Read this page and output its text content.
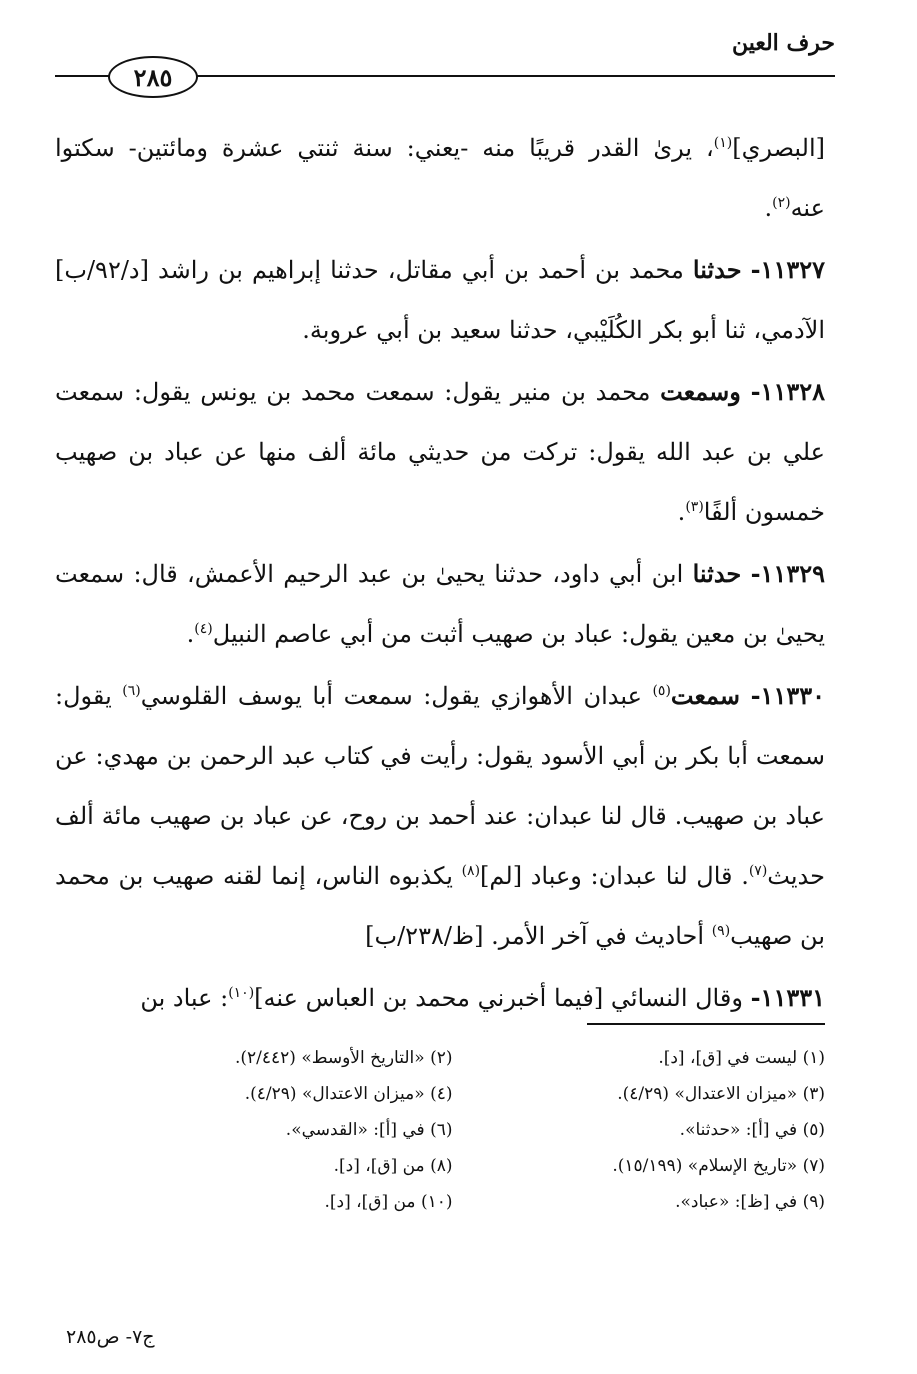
حرف العين
٢٨٥

[البصري]$^{(١)}$، يرىٰ القدر قريبًا منه -يعني: سنة ثنتي عشرة ومائتين- سكتوا عنه$^{(٢)}$.

١١٣٢٧- حدثنا محمد بن أحمد بن أبي مقاتل، حدثنا إبراهيم بن راشد [د/٩٢/ب] الآدمي، ثنا أبو بكر الكُلَيْبي، حدثنا سعيد بن أبي عروبة.

١١٣٢٨- وسمعت محمد بن منير يقول: سمعت محمد بن يونس يقول: سمعت علي بن عبد الله يقول: تركت من حديثي مائة ألف منها عن عباد بن صهيب خمسون ألفًا$^{(٣)}$.

١١٣٢٩- حدثنا ابن أبي داود، حدثنا يحيىٰ بن عبد الرحيم الأعمش، قال: سمعت يحيىٰ بن معين يقول: عباد بن صهيب أثبت من أبي عاصم النبيل$^{(٤)}$.

١١٣٣٠- سمعت$^{(٥)}$ عبدان الأهوازي يقول: سمعت أبا يوسف القلوسي$^{(٦)}$ يقول: سمعت أبا بكر بن أبي الأسود يقول: رأيت في كتاب عبد الرحمن بن مهدي: عن عباد بن صهيب. قال لنا عبدان: عند أحمد بن روح، عن عباد بن صهيب مائة ألف حديث$^{(٧)}$. قال لنا عبدان: وعباد [لم]$^{(٨)}$ يكذبوه الناس، إنما لقنه صهيب بن محمد بن صهيب$^{(٩)}$ أحاديث في آخر الأمر. [ظ/٢٣٨/ب]

١١٣٣١- وقال النسائي [فيما أخبرني محمد بن العباس عنه]$^{(١٠)}$: عباد بن

(١) ليست في [ق]، [د].
(٢) «التاريخ الأوسط» (٢/٤٤٢).
(٣) «ميزان الاعتدال» (٤/٢٩).
(٤) «ميزان الاعتدال» (٤/٢٩).
(٥) في [أ]: «حدثنا».
(٦) في [أ]: «القدسي».
(٧) «تاريخ الإسلام» (١٥/١٩٩).
(٨) من [ق]، [د].
(٩) في [ظ]: «عباد».
(١٠) من [ق]، [د].
ج٧- ص٢٨٥
